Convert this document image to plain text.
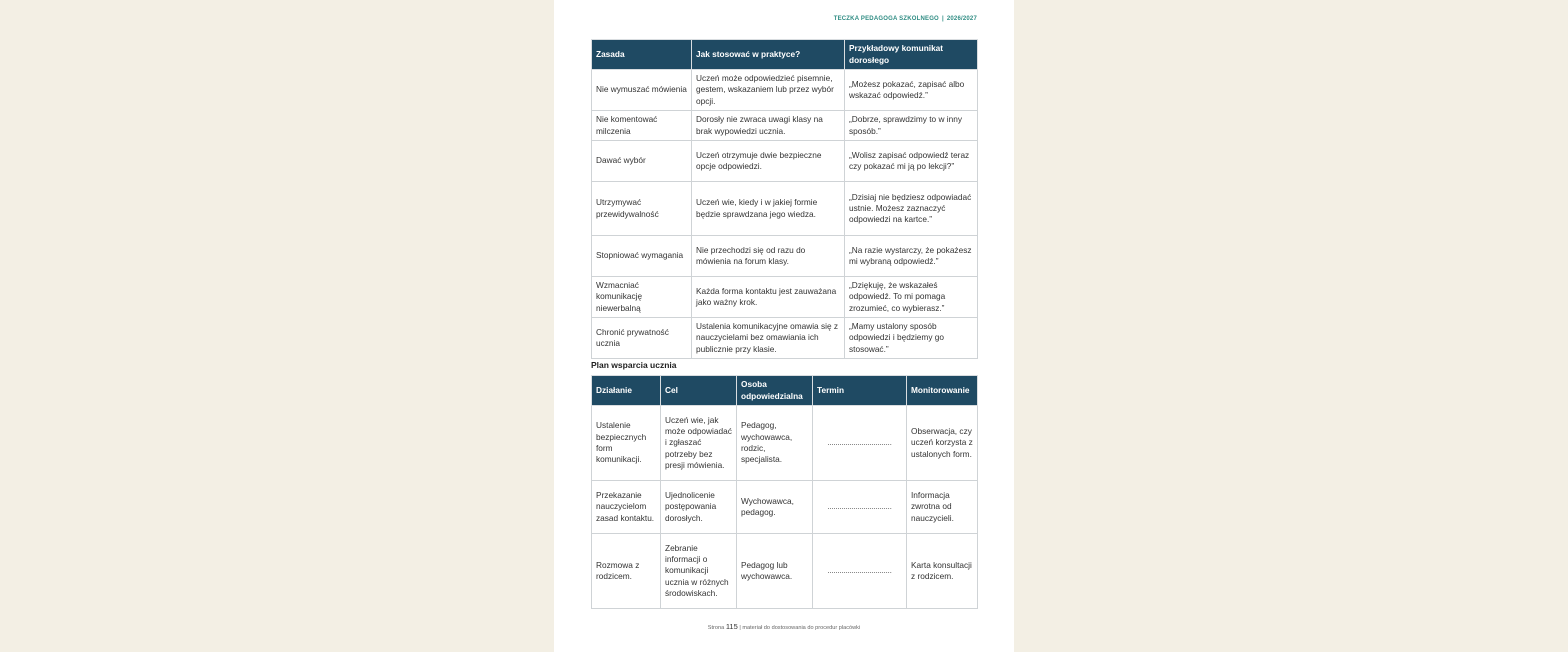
TECZKA PEDAGOGA SZKOLNEGO | 2026/2027
Zasada	Jak stosować w praktyce?	Przykładowy komunikat dorosłego
Nie wymuszać mówienia	Uczeń może odpowiedzieć pisemnie, gestem, wskazaniem lub przez wybór opcji.	„Możesz pokazać, zapisać albo wskazać odpowiedź.”
Nie komentować milczenia	Dorosły nie zwraca uwagi klasy na brak wypowiedzi ucznia.	„Dobrze, sprawdzimy to w inny sposób.”
Dawać wybór	Uczeń otrzymuje dwie bezpieczne opcje odpowiedzi.	„Wolisz zapisać odpowiedź teraz czy pokazać mi ją po lekcji?”
Utrzymywać przewidywalność	Uczeń wie, kiedy i w jakiej formie będzie sprawdzana jego wiedza.	„Dzisiaj nie będziesz odpowiadać ustnie. Możesz zaznaczyć odpowiedzi na kartce.”
Stopniować wymagania	Nie przechodzi się od razu do mówienia na forum klasy.	„Na razie wystarczy, że pokażesz mi wybraną odpowiedź.”
Wzmacniać komunikację niewerbalną	Każda forma kontaktu jest zauważana jako ważny krok.	„Dziękuję, że wskazałeś odpowiedź. To mi pomaga zrozumieć, co wybierasz.”
Chronić prywatność ucznia	Ustalenia komunikacyjne omawia się z nauczycielami bez omawiania ich publicznie przy klasie.	„Mamy ustalony sposób odpowiedzi i będziemy go stosować.”
Plan wsparcia ucznia
Działanie	Cel	Osoba odpowiedzialna	Termin	Monitorowanie
Ustalenie bezpiecznych form komunikacji.	Uczeń wie, jak może odpowiadać i zgłaszać potrzeby bez presji mówienia.	Pedagog, wychowawca, rodzic, specjalista.	................................	Obserwacja, czy uczeń korzysta z ustalonych form.
Przekazanie nauczycielom zasad kontaktu.	Ujednolicenie postępowania dorosłych.	Wychowawca, pedagog.	................................	Informacja zwrotna od nauczycieli.
Rozmowa z rodzicem.	Zebranie informacji o komunikacji ucznia w różnych środowiskach.	Pedagog lub wychowawca.	................................	Karta konsultacji z rodzicem.
Strona 115 | materiał do dostosowania do procedur placówki
